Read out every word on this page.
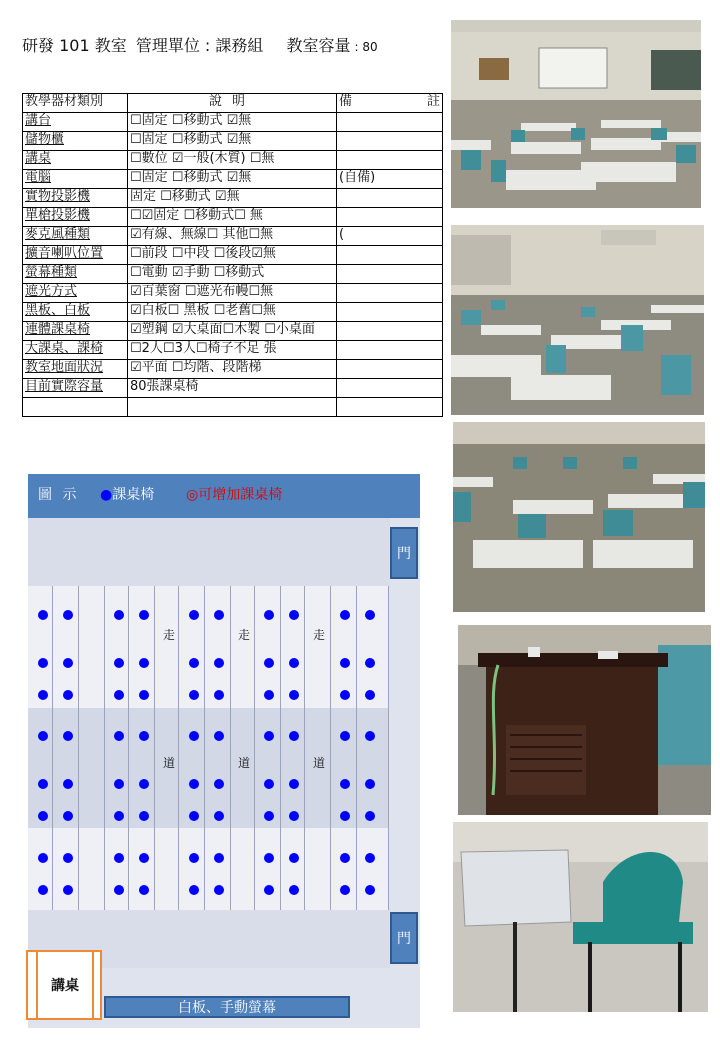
研發 101 教室 管理單位 : 課務組 教室容量 : 80
教學器材類別	說明	備註
講台	☐固定 ☐移動式 ☑無	
儲物櫃	☐固定 ☐移動式 ☑無	
講桌	☐數位 ☑一般(木質) ☐無	
電腦	☐固定 ☐移動式 ☑無	(自備)
實物投影機	固定 ☐移動式 ☑無	
單槍投影機	☐☑固定 ☐移動式☐ 無	
麥克風種類	☑有線、無線☐ 其他☐無	(
擴音喇叭位置	☐前段 ☐中段 ☐後段☑無	
螢幕種類	☐電動 ☑手動 ☐移動式	
遮光方式	☑百葉窗 ☐遮光布幔☐無	
黑板、白板	☑白板☐ 黑板 ☐老舊☐無	
連體課桌椅	☑塑鋼 ☑大桌面☐木製 ☐小桌面	
大課桌、課椅	☐2人☐3人☐椅子不足 張	
教室地面狀況	☑平面 ☐均階、段階梯	
目前實際容量	80張課桌椅	

圖 示 ●課桌椅 ◎可增加課桌椅
走	走	走
道	道	道
門
門
講桌
白板、手動螢幕
